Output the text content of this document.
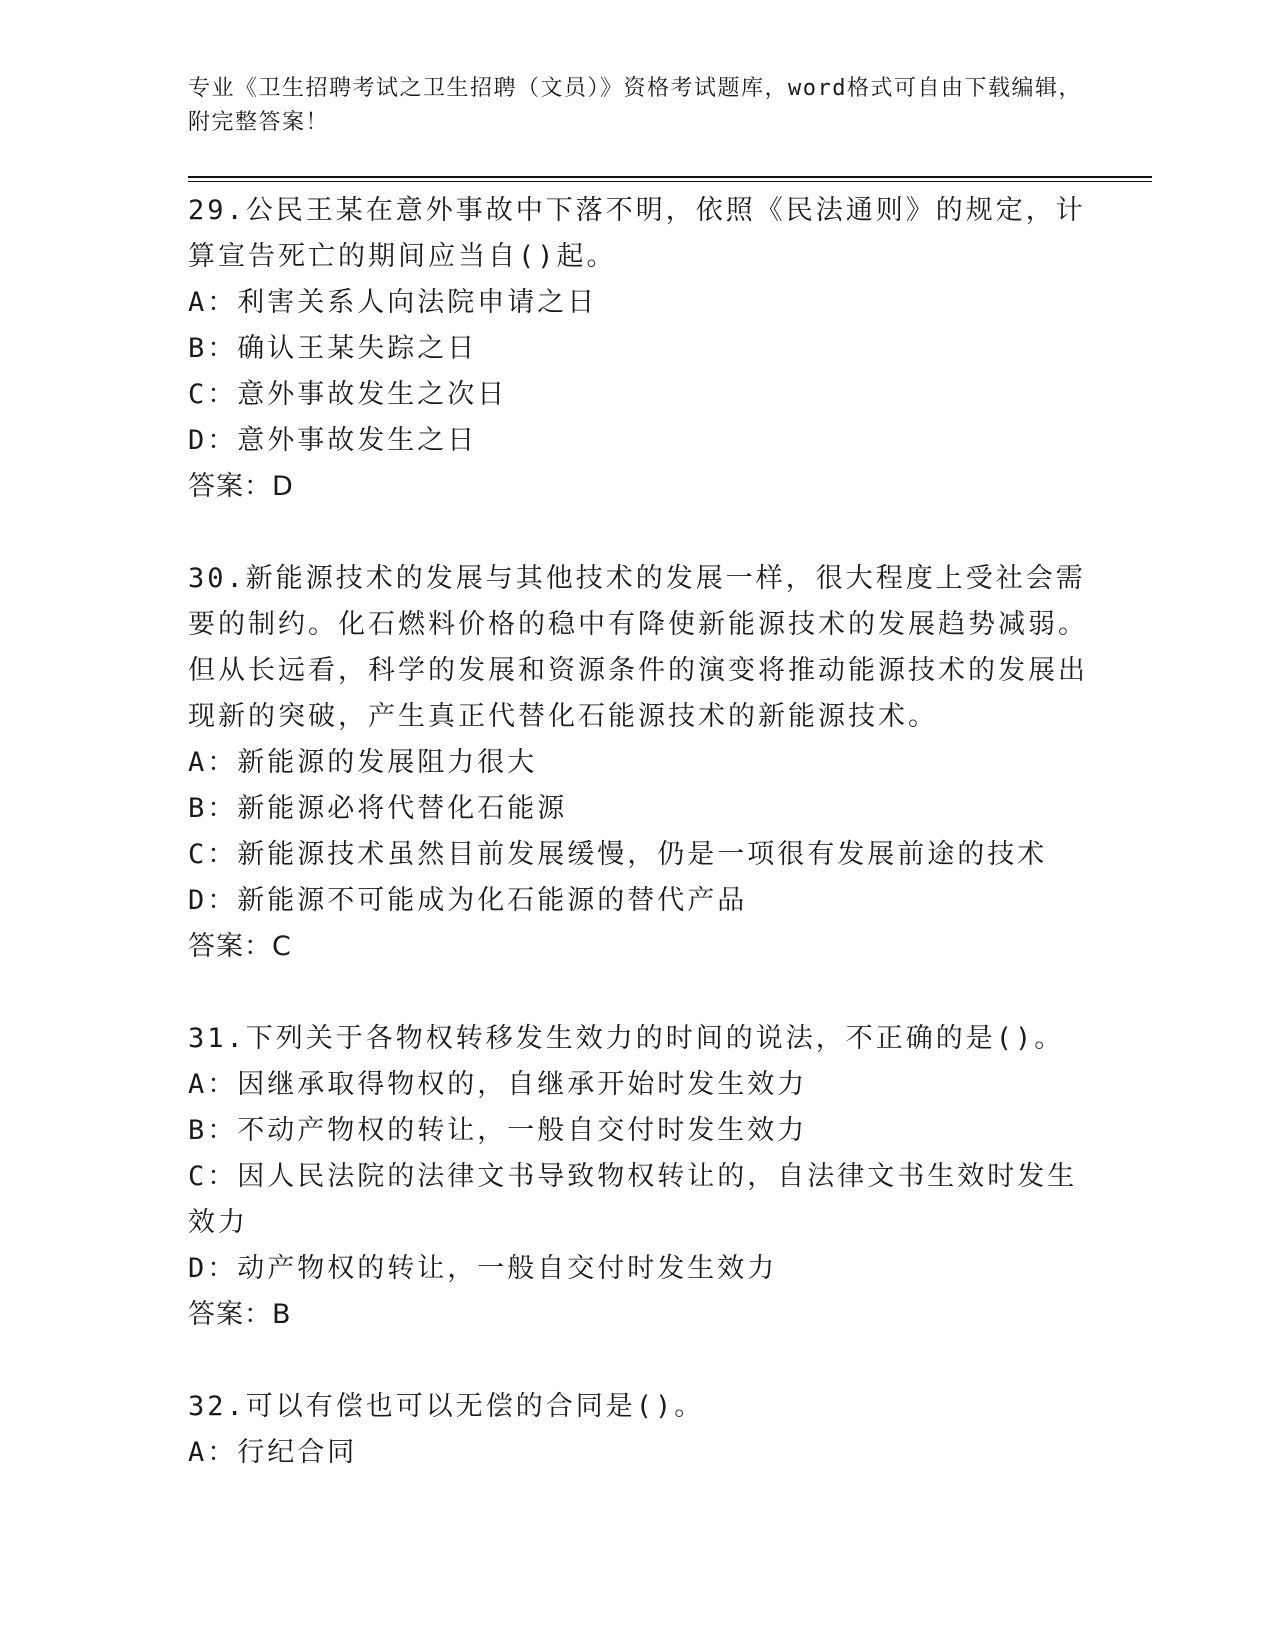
专业《卫生招聘考试之卫生招聘（文员）》资格考试题库，word格式可自由下载编辑，附完整答案！
29.公民王某在意外事故中下落不明，依照《民法通则》的规定，计算宣告死亡的期间应当自()起。
A：利害关系人向法院申请之日
B：确认王某失踪之日
C：意外事故发生之次日
D：意外事故发生之日
答案：D
30.新能源技术的发展与其他技术的发展一样，很大程度上受社会需要的制约。化石燃料价格的稳中有降使新能源技术的发展趋势减弱。但从长远看，科学的发展和资源条件的演变将推动能源技术的发展出现新的突破，产生真正代替化石能源技术的新能源技术。
A：新能源的发展阻力很大
B：新能源必将代替化石能源
C：新能源技术虽然目前发展缓慢，仍是一项很有发展前途的技术
D：新能源不可能成为化石能源的替代产品
答案：C
31.下列关于各物权转移发生效力的时间的说法，不正确的是()。
A：因继承取得物权的，自继承开始时发生效力
B：不动产物权的转让，一般自交付时发生效力
C：因人民法院的法律文书导致物权转让的，自法律文书生效时发生效力
D：动产物权的转让，一般自交付时发生效力
答案：B
32.可以有偿也可以无偿的合同是()。
A：行纪合同
